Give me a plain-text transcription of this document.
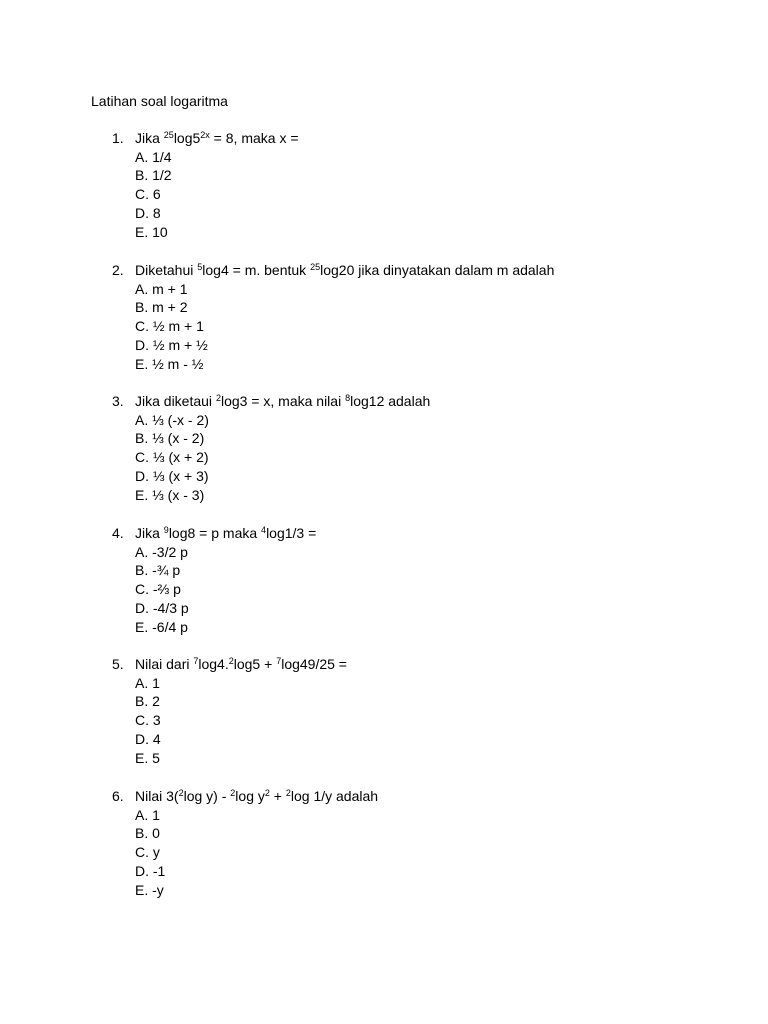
Latihan soal logaritma
1. Jika $^{25}\log 5^{2x} = 8$, maka x =
A. 1/4
B. 1/2
C. 6
D. 8
E. 10
2. Diketahui $^5$log4 = m. bentuk $^{25}$log20 jika dinyatakan dalam m adalah
A. m + 1
B. m + 2
C. ½ m + 1
D. ½ m + ½
E. ½ m - ½
3. Jika diketaui $^2$log3 = x, maka nilai $^8$log12 adalah
A. ⅓ (-x - 2)
B. ⅓ (x - 2)
C. ⅓ (x + 2)
D. ⅓ (x + 3)
E. ⅓ (x - 3)
4. Jika $^9$log8 = p maka $^4$log1/3 =
A. -3/2 p
B. -¾ p
C. -⅔ p
D. -4/3 p
E. -6/4 p
5. Nilai dari $^7$log4.$^2$log5 + $^7$log49/25 =
A. 1
B. 2
C. 3
D. 4
E. 5
6. Nilai 3($^2$log y) - $^2$log $y^2 + ^2\log$ 1/y adalah
A. 1
B. 0
C. y
D. -1
E. -y
